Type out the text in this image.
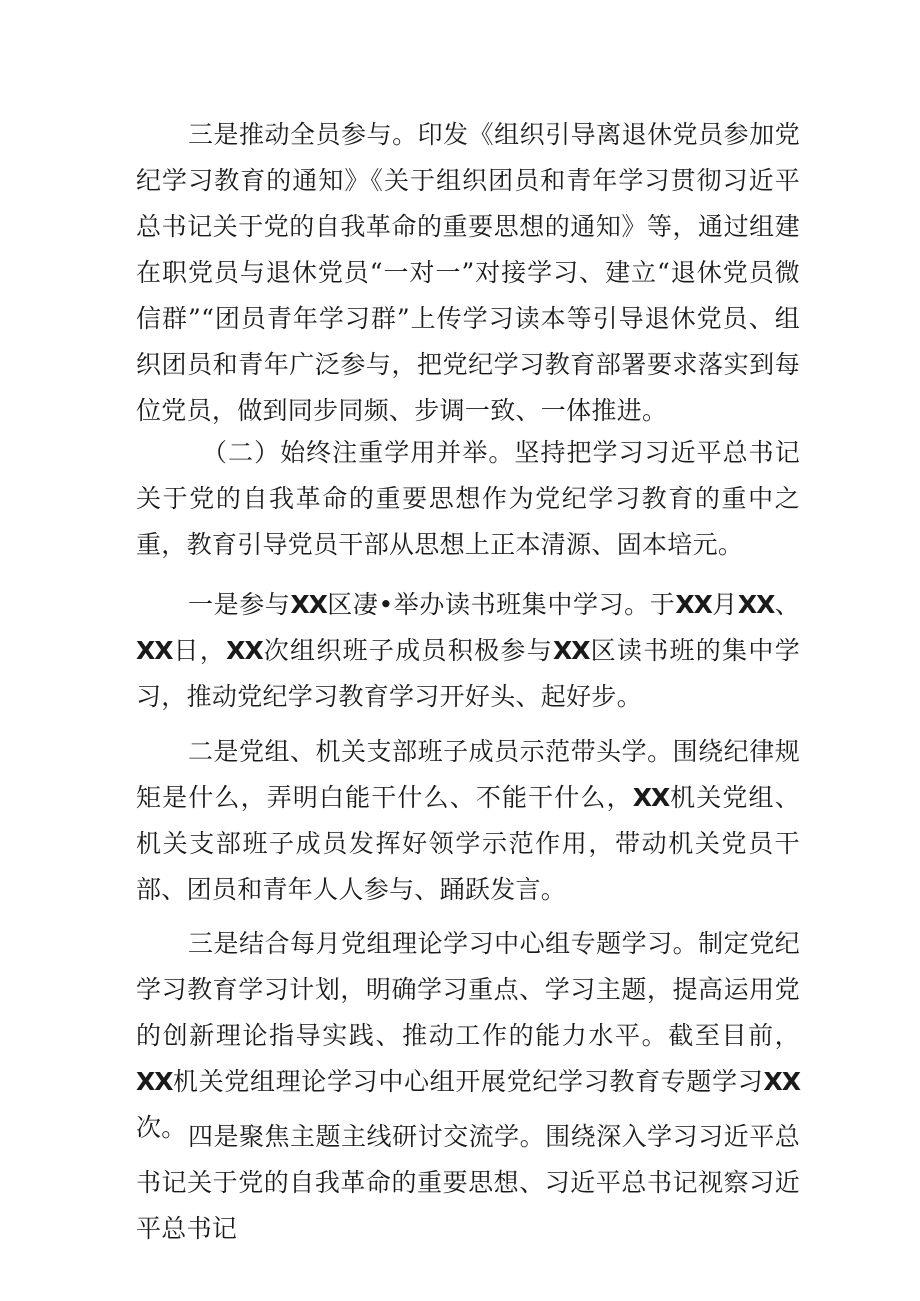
三是推动全员参与。印发《组织引导离退休党员参加党纪学习教育的通知》《关于组织团员和青年学习贯彻习近平总书记关于党的自我革命的重要思想的通知》等，通过组建在职党员与退休党员“一对一”对接学习、建立“退休党员微信群”“团员青年学习群”上传学习读本等引导退休党员、组织团员和青年广泛参与，把党纪学习教育部署要求落实到每位党员，做到同步同频、步调一致、一体推进。

（二）始终注重学用并举。坚持把学习习近平总书记关于党的自我革命的重要思想作为党纪学习教育的重中之重，教育引导党员干部从思想上正本清源、固本培元。

一是参与XX区凄•举办读书班集中学习。于XX月XX、XX日，XX次组织班子成员积极参与XX区读书班的集中学习，推动党纪学习教育学习开好头、起好步。

二是党组、机关支部班子成员示范带头学。围绕纪律规矩是什么，弄明白能干什么、不能干什么，XX机关党组、机关支部班子成员发挥好领学示范作用，带动机关党员干部、团员和青年人人参与、踊跃发言。

三是结合每月党组理论学习中心组专题学习。制定党纪学习教育学习计划，明确学习重点、学习主题，提高运用党的创新理论指导实践、推动工作的能力水平。截至目前，XX机关党组理论学习中心组开展党纪学习教育专题学习XX次。 四是聚焦主题主线研讨交流学。围绕深入学习习近平总书记关于党的自我革命的重要思想、习近平总书记视察习近平总书记
